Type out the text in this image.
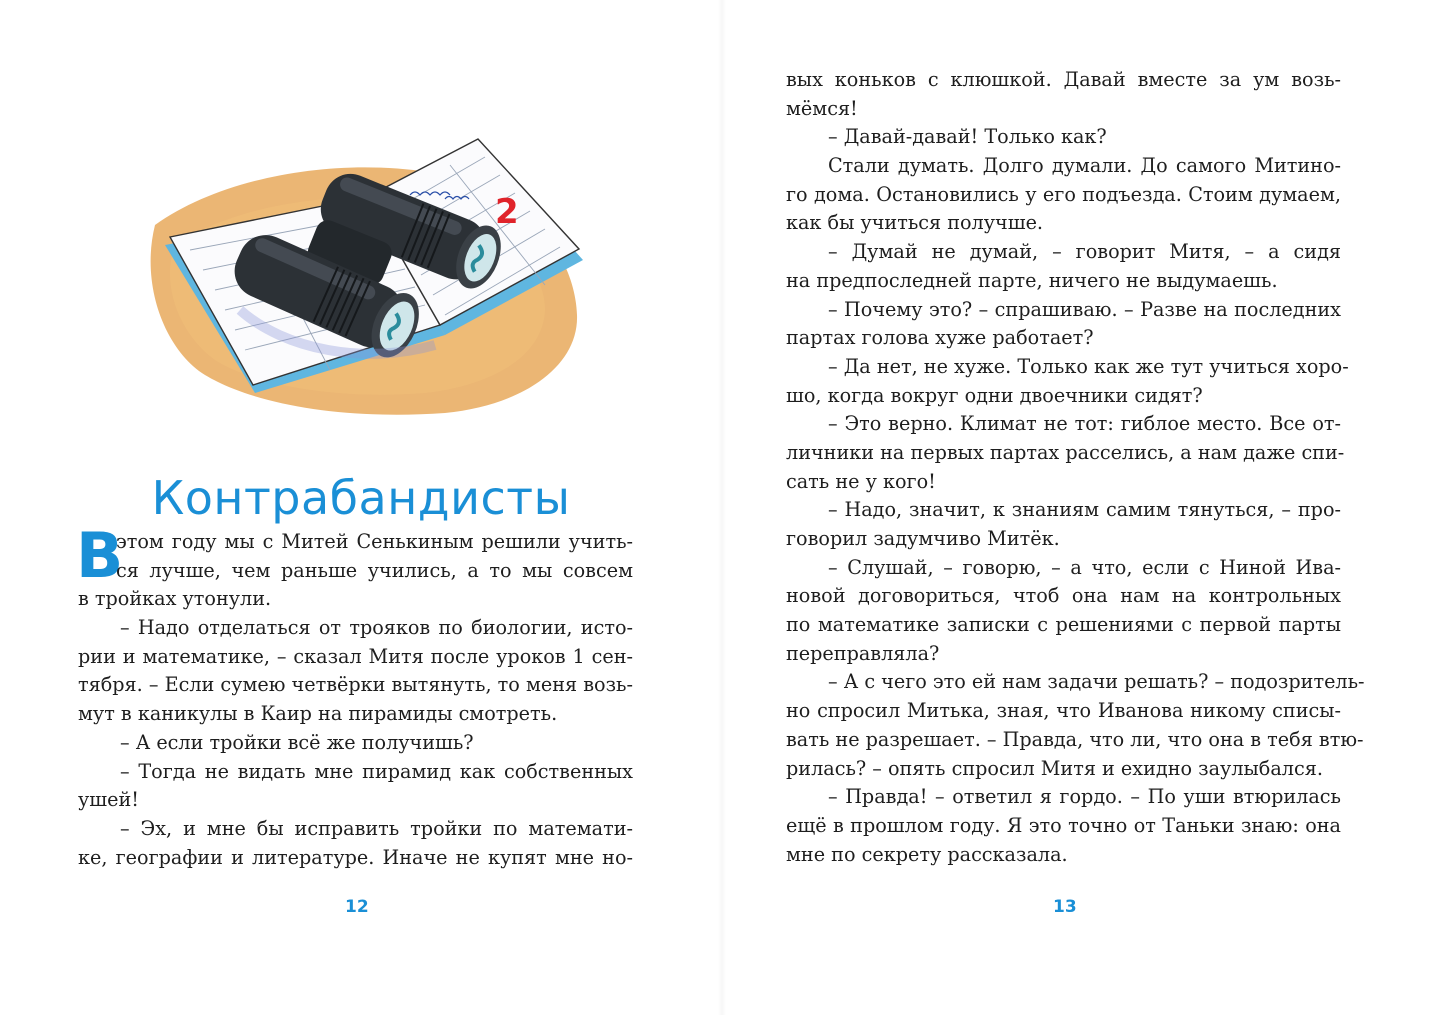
2
Контрабандисты
В
этом году мы с Митей Сенькиным решили учить-
ся лучше, чем раньше учились, а то мы совсем
в тройках утонули.
– Надо отделаться от трояков по биологии, исто-
рии и математике, – сказал Митя после уроков 1 сен-
тября. – Если сумею четвёрки вытянуть, то меня возь-
мут в каникулы в Каир на пирамиды смотреть.
– А если тройки всё же получишь?
– Тогда не видать мне пирамид как собственных
ушей!
– Эх, и мне бы исправить тройки по математи-
ке, географии и литературе. Иначе не купят мне но-
12
вых коньков с клюшкой. Давай вместе за ум возь-
мёмся!
– Давай-давай! Только как?
Стали думать. Долго думали. До самого Митино-
го дома. Остановились у его подъезда. Стоим думаем,
как бы учиться получше.
– Думай не думай, – говорит Митя, – а сидя
на предпоследней парте, ничего не выдумаешь.
– Почему это? – спрашиваю. – Разве на последних
партах голова хуже работает?
– Да нет, не хуже. Только как же тут учиться хоро-
шо, когда вокруг одни двоечники сидят?
– Это верно. Климат не тот: гиблое место. Все от-
личники на первых партах расселись, а нам даже спи-
сать не у кого!
– Надо, значит, к знаниям самим тянуться, – про-
говорил задумчиво Митёк.
– Слушай, – говорю, – а что, если с Ниной Ива-
новой договориться, чтоб она нам на контрольных
по математике записки с решениями с первой парты
переправляла?
– А с чего это ей нам задачи решать? – подозритель-
но спросил Митька, зная, что Иванова никому списы-
вать не разрешает. – Правда, что ли, что она в тебя втю-
рилась? – опять спросил Митя и ехидно заулыбался.
– Правда! – ответил я гордо. – По уши втюрилась
ещё в прошлом году. Я это точно от Таньки знаю: она
мне по секрету рассказала.
13
